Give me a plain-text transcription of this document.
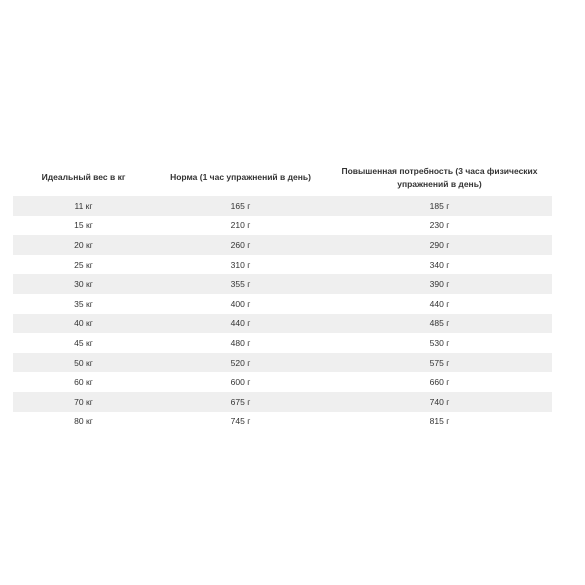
Идеальный вес в кг	Норма (1 час упражнений в день)	Повышенная потребность (3 часа физических упражнений в день)
11 кг	165 г	185 г
15 кг	210 г	230 г
20 кг	260 г	290 г
25 кг	310 г	340 г
30 кг	355 г	390 г
35 кг	400 г	440 г
40 кг	440 г	485 г
45 кг	480 г	530 г
50 кг	520 г	575 г
60 кг	600 г	660 г
70 кг	675 г	740 г
80 кг	745 г	815 г
